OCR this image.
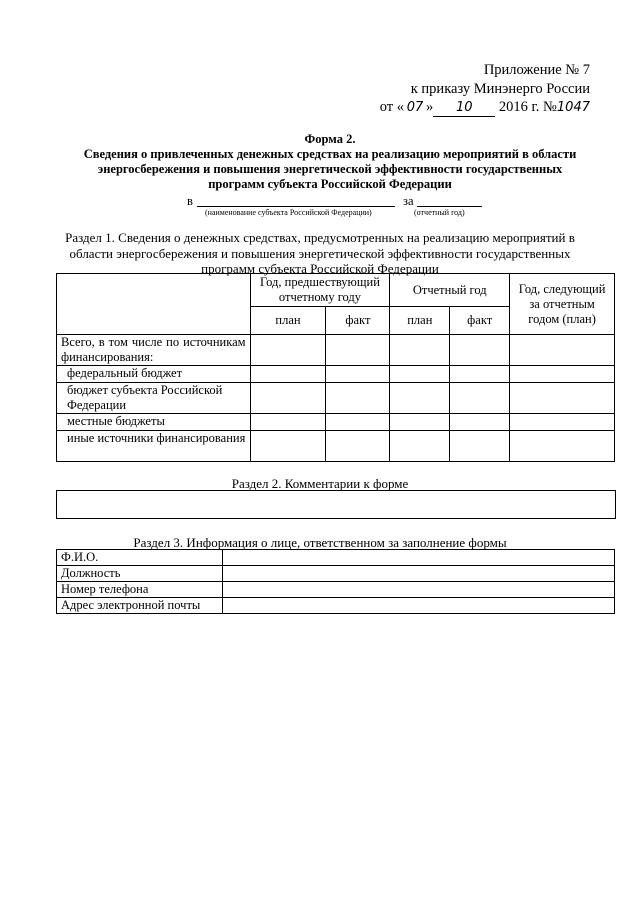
Приложение № 7
к приказу Минэнерго России
от « 07 » 10 2016 г. №1047
Форма 2.
Сведения о привлеченных денежных средствах на реализацию мероприятий в области
энергосбережения и повышения энергетической эффективности государственных
программ субъекта Российской Федерации
в	за
(наименование субъекта Российской Федерации)	(отчетный год)
Раздел 1. Сведения о денежных средствах, предусмотренных на реализацию мероприятий в
области энергосбережения и повышения энергетической эффективности государственных
программ субъекта Российской Федерации
	Год, предшествующий отчетному году		Отчетный год		Год, следующий за отчетным годом (план)
	план	факт	план	факт	
Всего, в том числе по источникам финансирования:					
федеральный бюджет					
бюджет субъекта Российской Федерации					
местные бюджеты					
иные источники финансирования					
Раздел 2. Комментарии к форме
Раздел 3. Информация о лице, ответственном за заполнение формы
Ф.И.О.	
Должность	
Номер телефона	
Адрес электронной почты	
